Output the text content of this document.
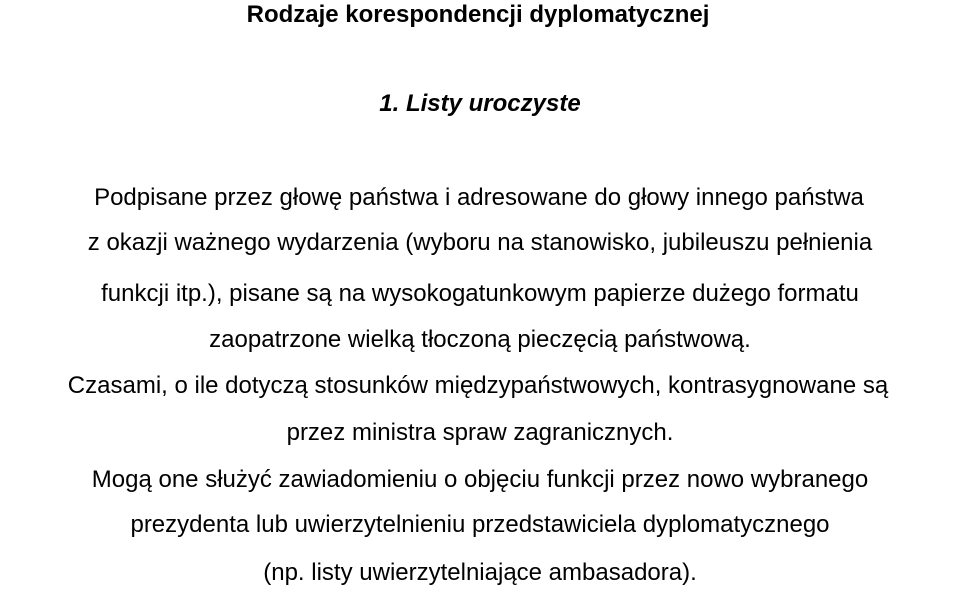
Rodzaje korespondencji dyplomatycznej
1. Listy uroczyste
Podpisane przez głowę państwa i adresowane do głowy innego państwa
z okazji ważnego wydarzenia (wyboru na stanowisko, jubileuszu pełnienia
funkcji itp.), pisane są na wysokogatunkowym papierze dużego formatu
zaopatrzone wielką tłoczoną pieczęcią państwową.
Czasami, o ile dotyczą stosunków międzypaństwowych, kontrasygnowane są
przez ministra spraw zagranicznych.
Mogą one służyć zawiadomieniu o objęciu funkcji przez nowo wybranego
prezydenta lub uwierzytelnieniu przedstawiciela dyplomatycznego
(np. listy uwierzytelniające ambasadora).
